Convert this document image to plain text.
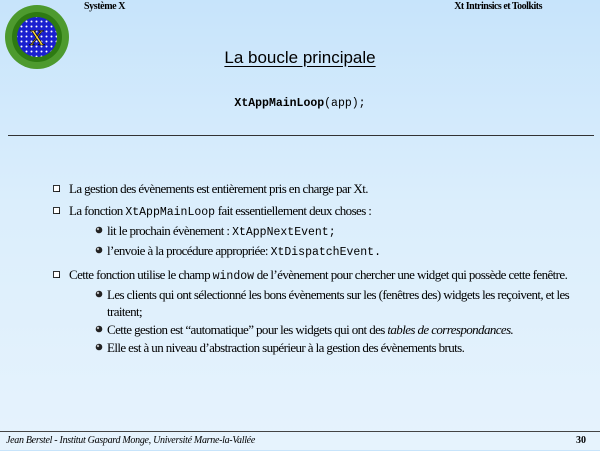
Système X	Xt Intrinsics et Toolkits
X
La boucle principale
XtAppMainLoop(app);
La gestion des évènements est entièrement pris en charge par Xt.
La fonction XtAppMainLoop fait essentiellement deux choses :
lit le prochain évènement : XtAppNextEvent;
l’envoie à la procédure appropriée: XtDispatchEvent.
Cette fonction utilise le champ window de l’évènement pour chercher une widget qui possède cette fenêtre.
Les clients qui ont sélectionné les bons évènements sur les (fenêtres des) widgets les reçoivent, et les traitent;
Cette gestion est “automatique” pour les widgets qui ont des tables de correspondances.
Elle est à un niveau d’abstraction supérieur à la gestion des évènements bruts.
Jean Berstel - Institut Gaspard Monge, Université Marne-la-Vallée	30
